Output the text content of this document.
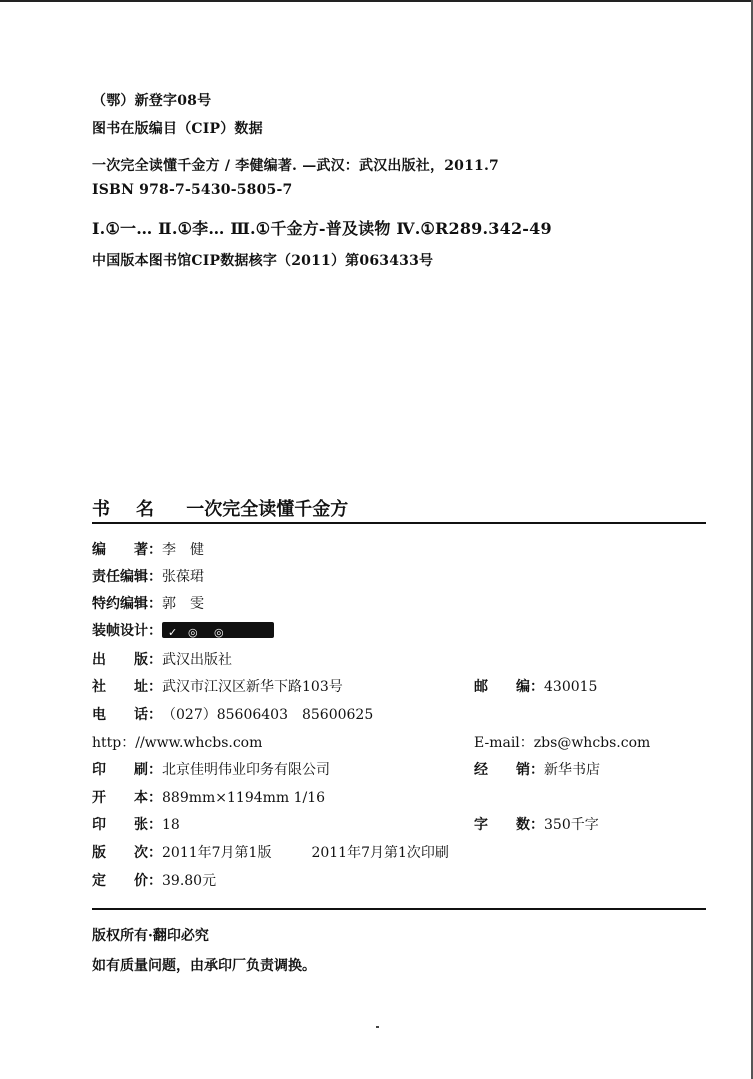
（鄂）新登字08号
图书在版编目（CIP）数据
一次完全读懂千金方 / 李健编著. —武汉：武汉出版社，2011.7
ISBN 978-7-5430-5805-7
Ⅰ.①一… Ⅱ.①李… Ⅲ.①千金方-普及读物 Ⅳ.①R289.342-49
中国版本图书馆CIP数据核字（2011）第063433号
书 名 一次完全读懂千金方
编　　著：李　健
责任编辑：张葆珺
特约编辑：郭　雯
装帧设计： ✓ ◎ ◎
出　　版：武汉出版社
社　　址：武汉市江汉区新华下路103号	邮　　编：430015
电　　话：（027）85606403　85600625
http：//www.whcbs.com	E-mail：zbs@whcbs.com
印　　刷：北京佳明伟业印务有限公司	经　　销：新华书店
开　　本：889mm×1194mm 1/16
印　　张：18	字　　数：350千字
版　　次：2011年7月第1版	2011年7月第1次印刷
定　　价：39.80元
版权所有·翻印必究
如有质量问题，由承印厂负责调换。
